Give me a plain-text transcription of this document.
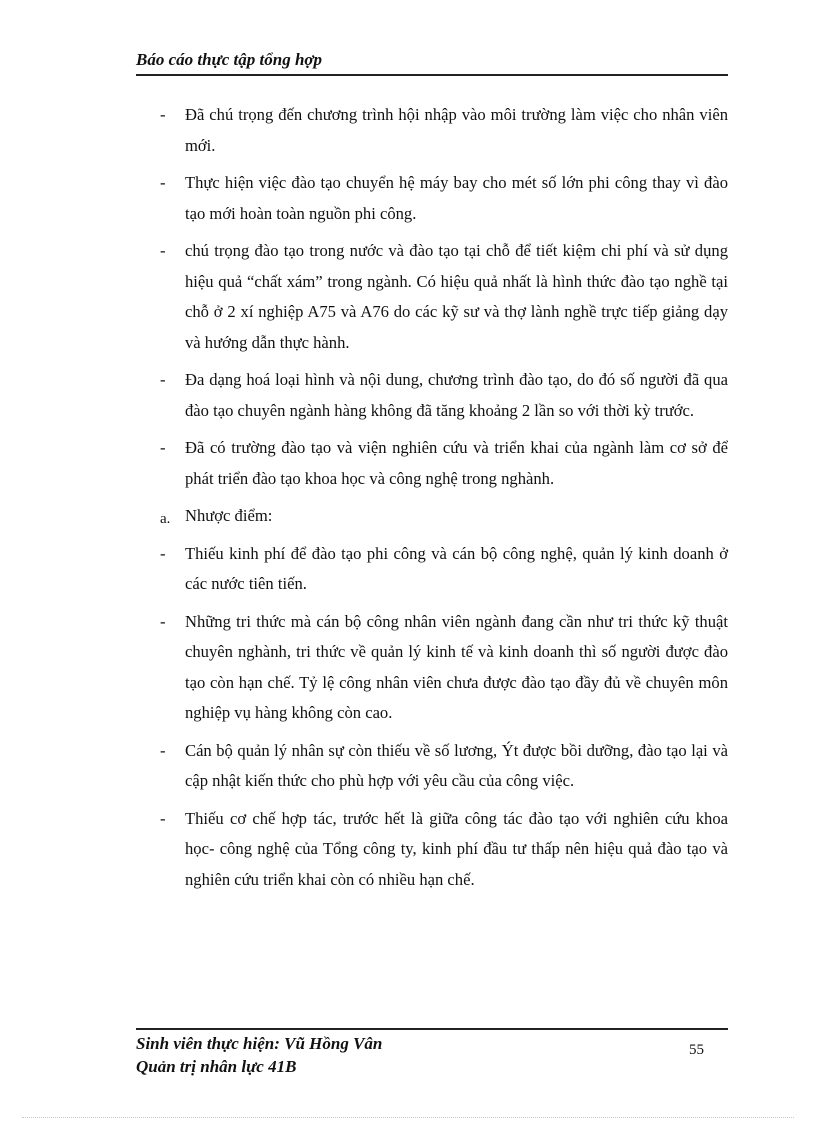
Báo cáo thực tập tổng hợp
-	Đã chú trọng đến chương trình hội nhập vào môi trường làm việc cho nhân viên mới.
-	Thực hiện việc đào tạo chuyển hệ máy bay cho mét số lớn phi công thay vì đào tạo mới hoàn toàn nguồn phi công.
-	chú trọng đào tạo trong nước và đào tạo tại chỗ để tiết kiệm chi phí và sử dụng hiệu quả “chất xám” trong ngành. Có hiệu quả nhất là hình thức đào tạo nghề tại chỗ ở 2 xí nghiệp A75 và A76 do các kỹ sư và thợ lành nghề trực tiếp giảng dạy và hướng dẫn thực hành.
-	Đa dạng hoá loại hình và nội dung, chương trình đào tạo, do đó số người đã qua đào tạo chuyên ngành hàng không đã tăng khoảng 2 lần so với thời kỳ trước.
-	Đã có trường đào tạo và viện nghiên cứu và triển khai của ngành làm cơ sở để phát triển đào tạo khoa học và công nghệ trong nghành.
a. Nhược điểm:
-	Thiếu kinh phí để đào tạo phi công và cán bộ công nghệ, quản lý kinh doanh ở các nước tiên tiến.
-	Những tri thức mà cán bộ công nhân viên ngành đang cần như tri thức kỹ thuật chuyên nghành, tri thức về quản lý kinh tế và kinh doanh thì số người được đào tạo còn hạn chế. Tỷ lệ công nhân viên chưa được đào tạo đầy đủ về chuyên môn nghiệp vụ hàng không còn cao.
-	Cán bộ quản lý nhân sự còn thiếu về số lương, Ýt được bồi dưỡng, đào tạo lại và cập nhật kiến thức cho phù hợp với yêu cầu của công việc.
-	Thiếu cơ chế hợp tác, trước hết là giữa công tác đào tạo với nghiên cứu khoa học- công nghệ của Tổng công ty, kinh phí đầu tư thấp nên hiệu quả đào tạo và nghiên cứu triển khai còn có nhiều hạn chế.
Sinh viên thực hiện: Vũ Hồng Vân
Quản trị nhân lực 41B
55
